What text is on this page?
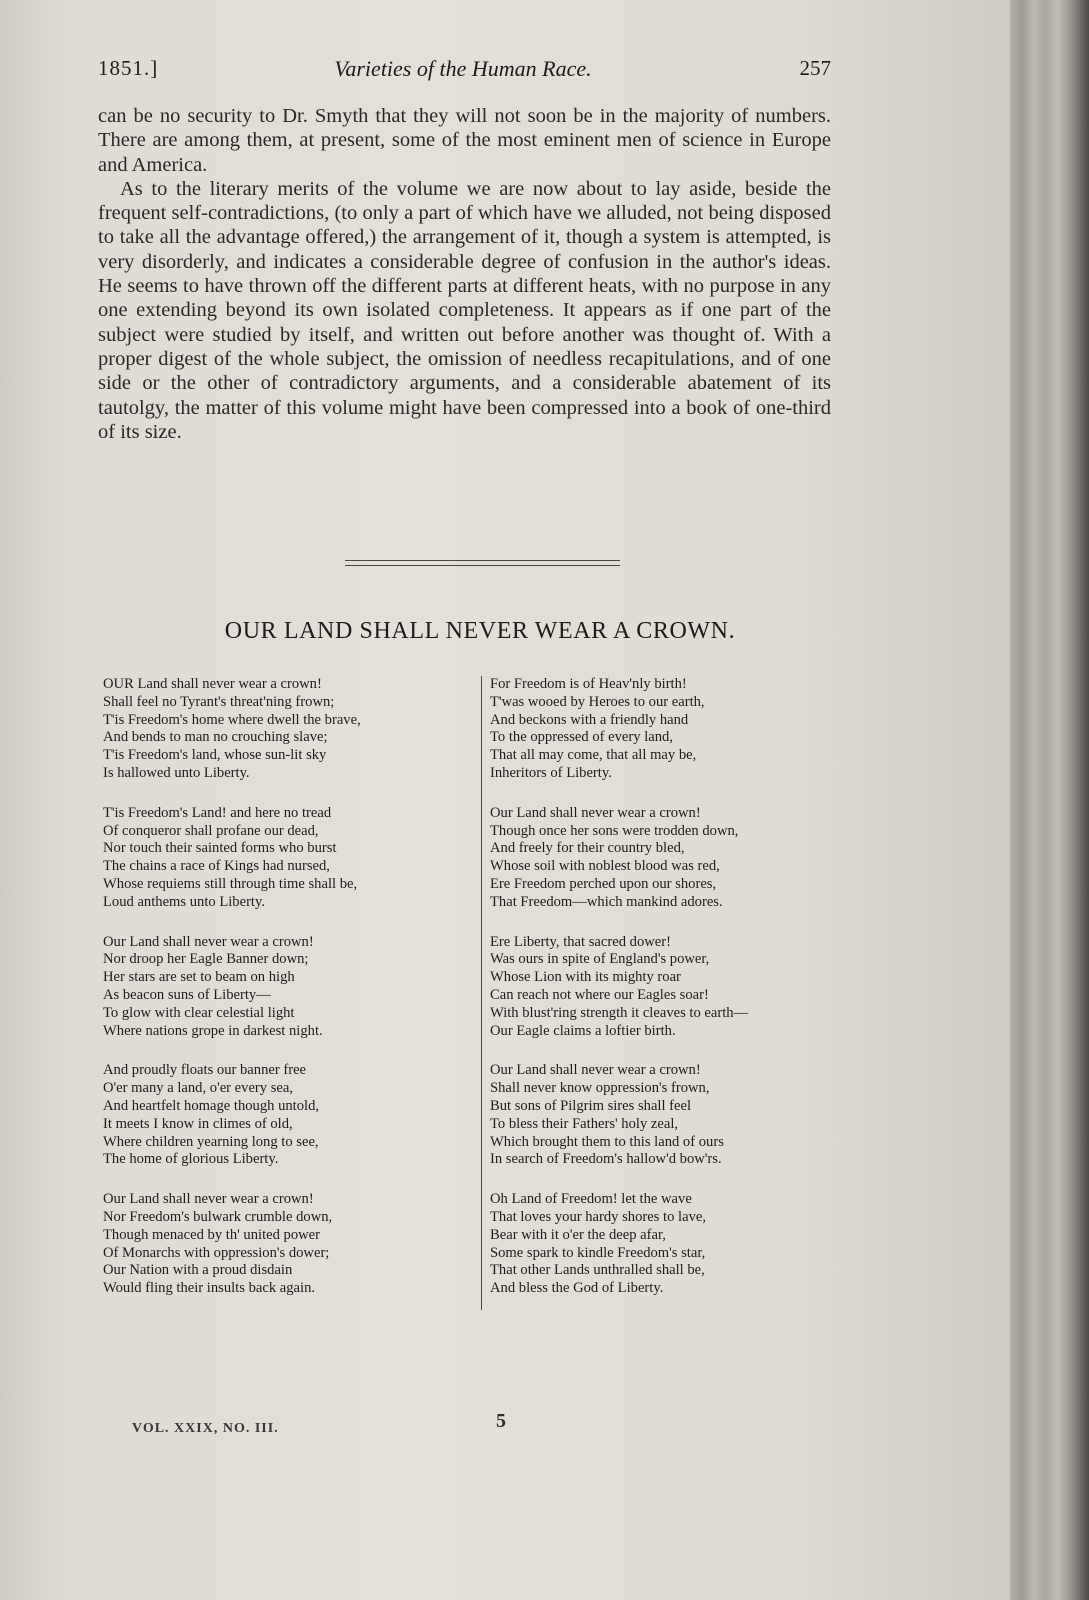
1851.]	Varieties of the Human Race.	257

can be no security to Dr. Smyth that they will not soon be in the majority of numbers. There are among them, at present, some of the most eminent men of science in Europe and America.

As to the literary merits of the volume we are now about to lay aside, beside the frequent self-contradictions, (to only a part of which have we alluded, not being disposed to take all the advantage offered,) the arrangement of it, though a system is attempted, is very disorderly, and indicates a considerable degree of confusion in the author's ideas. He seems to have thrown off the different parts at different heats, with no purpose in any one extending beyond its own isolated completeness. It appears as if one part of the subject were studied by itself, and written out before another was thought of. With a proper digest of the whole subject, the omission of needless recapitulations, and of one side or the other of contradictory arguments, and a considerable abatement of its tautolgy, the matter of this volume might have been compressed into a book of one-third of its size.

OUR LAND SHALL NEVER WEAR A CROWN.
OUR Land shall never wear a crown!
Shall feel no Tyrant's threat'ning frown;
T'is Freedom's home where dwell the brave,
And bends to man no crouching slave;
T'is Freedom's land, whose sun-lit sky
Is hallowed unto Liberty.
T'is Freedom's Land! and here no tread
Of conqueror shall profane our dead,
Nor touch their sainted forms who burst
The chains a race of Kings had nursed,
Whose requiems still through time shall be,
Loud anthems unto Liberty.
Our Land shall never wear a crown!
Nor droop her Eagle Banner down;
Her stars are set to beam on high
As beacon suns of Liberty—
To glow with clear celestial light
Where nations grope in darkest night.
And proudly floats our banner free
O'er many a land, o'er every sea,
And heartfelt homage though untold,
It meets I know in climes of old,
Where children yearning long to see,
The home of glorious Liberty.
Our Land shall never wear a crown!
Nor Freedom's bulwark crumble down,
Though menaced by th' united power
Of Monarchs with oppression's dower;
Our Nation with a proud disdain
Would fling their insults back again.
For Freedom is of Heav'nly birth!
T'was wooed by Heroes to our earth,
And beckons with a friendly hand
To the oppressed of every land,
That all may come, that all may be,
Inheritors of Liberty.
Our Land shall never wear a crown!
Though once her sons were trodden down,
And freely for their country bled,
Whose soil with noblest blood was red,
Ere Freedom perched upon our shores,
That Freedom—which mankind adores.
Ere Liberty, that sacred dower!
Was ours in spite of England's power,
Whose Lion with its mighty roar
Can reach not where our Eagles soar!
With blust'ring strength it cleaves to earth—
Our Eagle claims a loftier birth.
Our Land shall never wear a crown!
Shall never know oppression's frown,
But sons of Pilgrim sires shall feel
To bless their Fathers' holy zeal,
Which brought them to this land of ours
In search of Freedom's hallow'd bow'rs.
Oh Land of Freedom! let the wave
That loves your hardy shores to lave,
Bear with it o'er the deep afar,
Some spark to kindle Freedom's star,
That other Lands unthralled shall be,
And bless the God of Liberty.
VOL. XXIX, NO. III.	5
